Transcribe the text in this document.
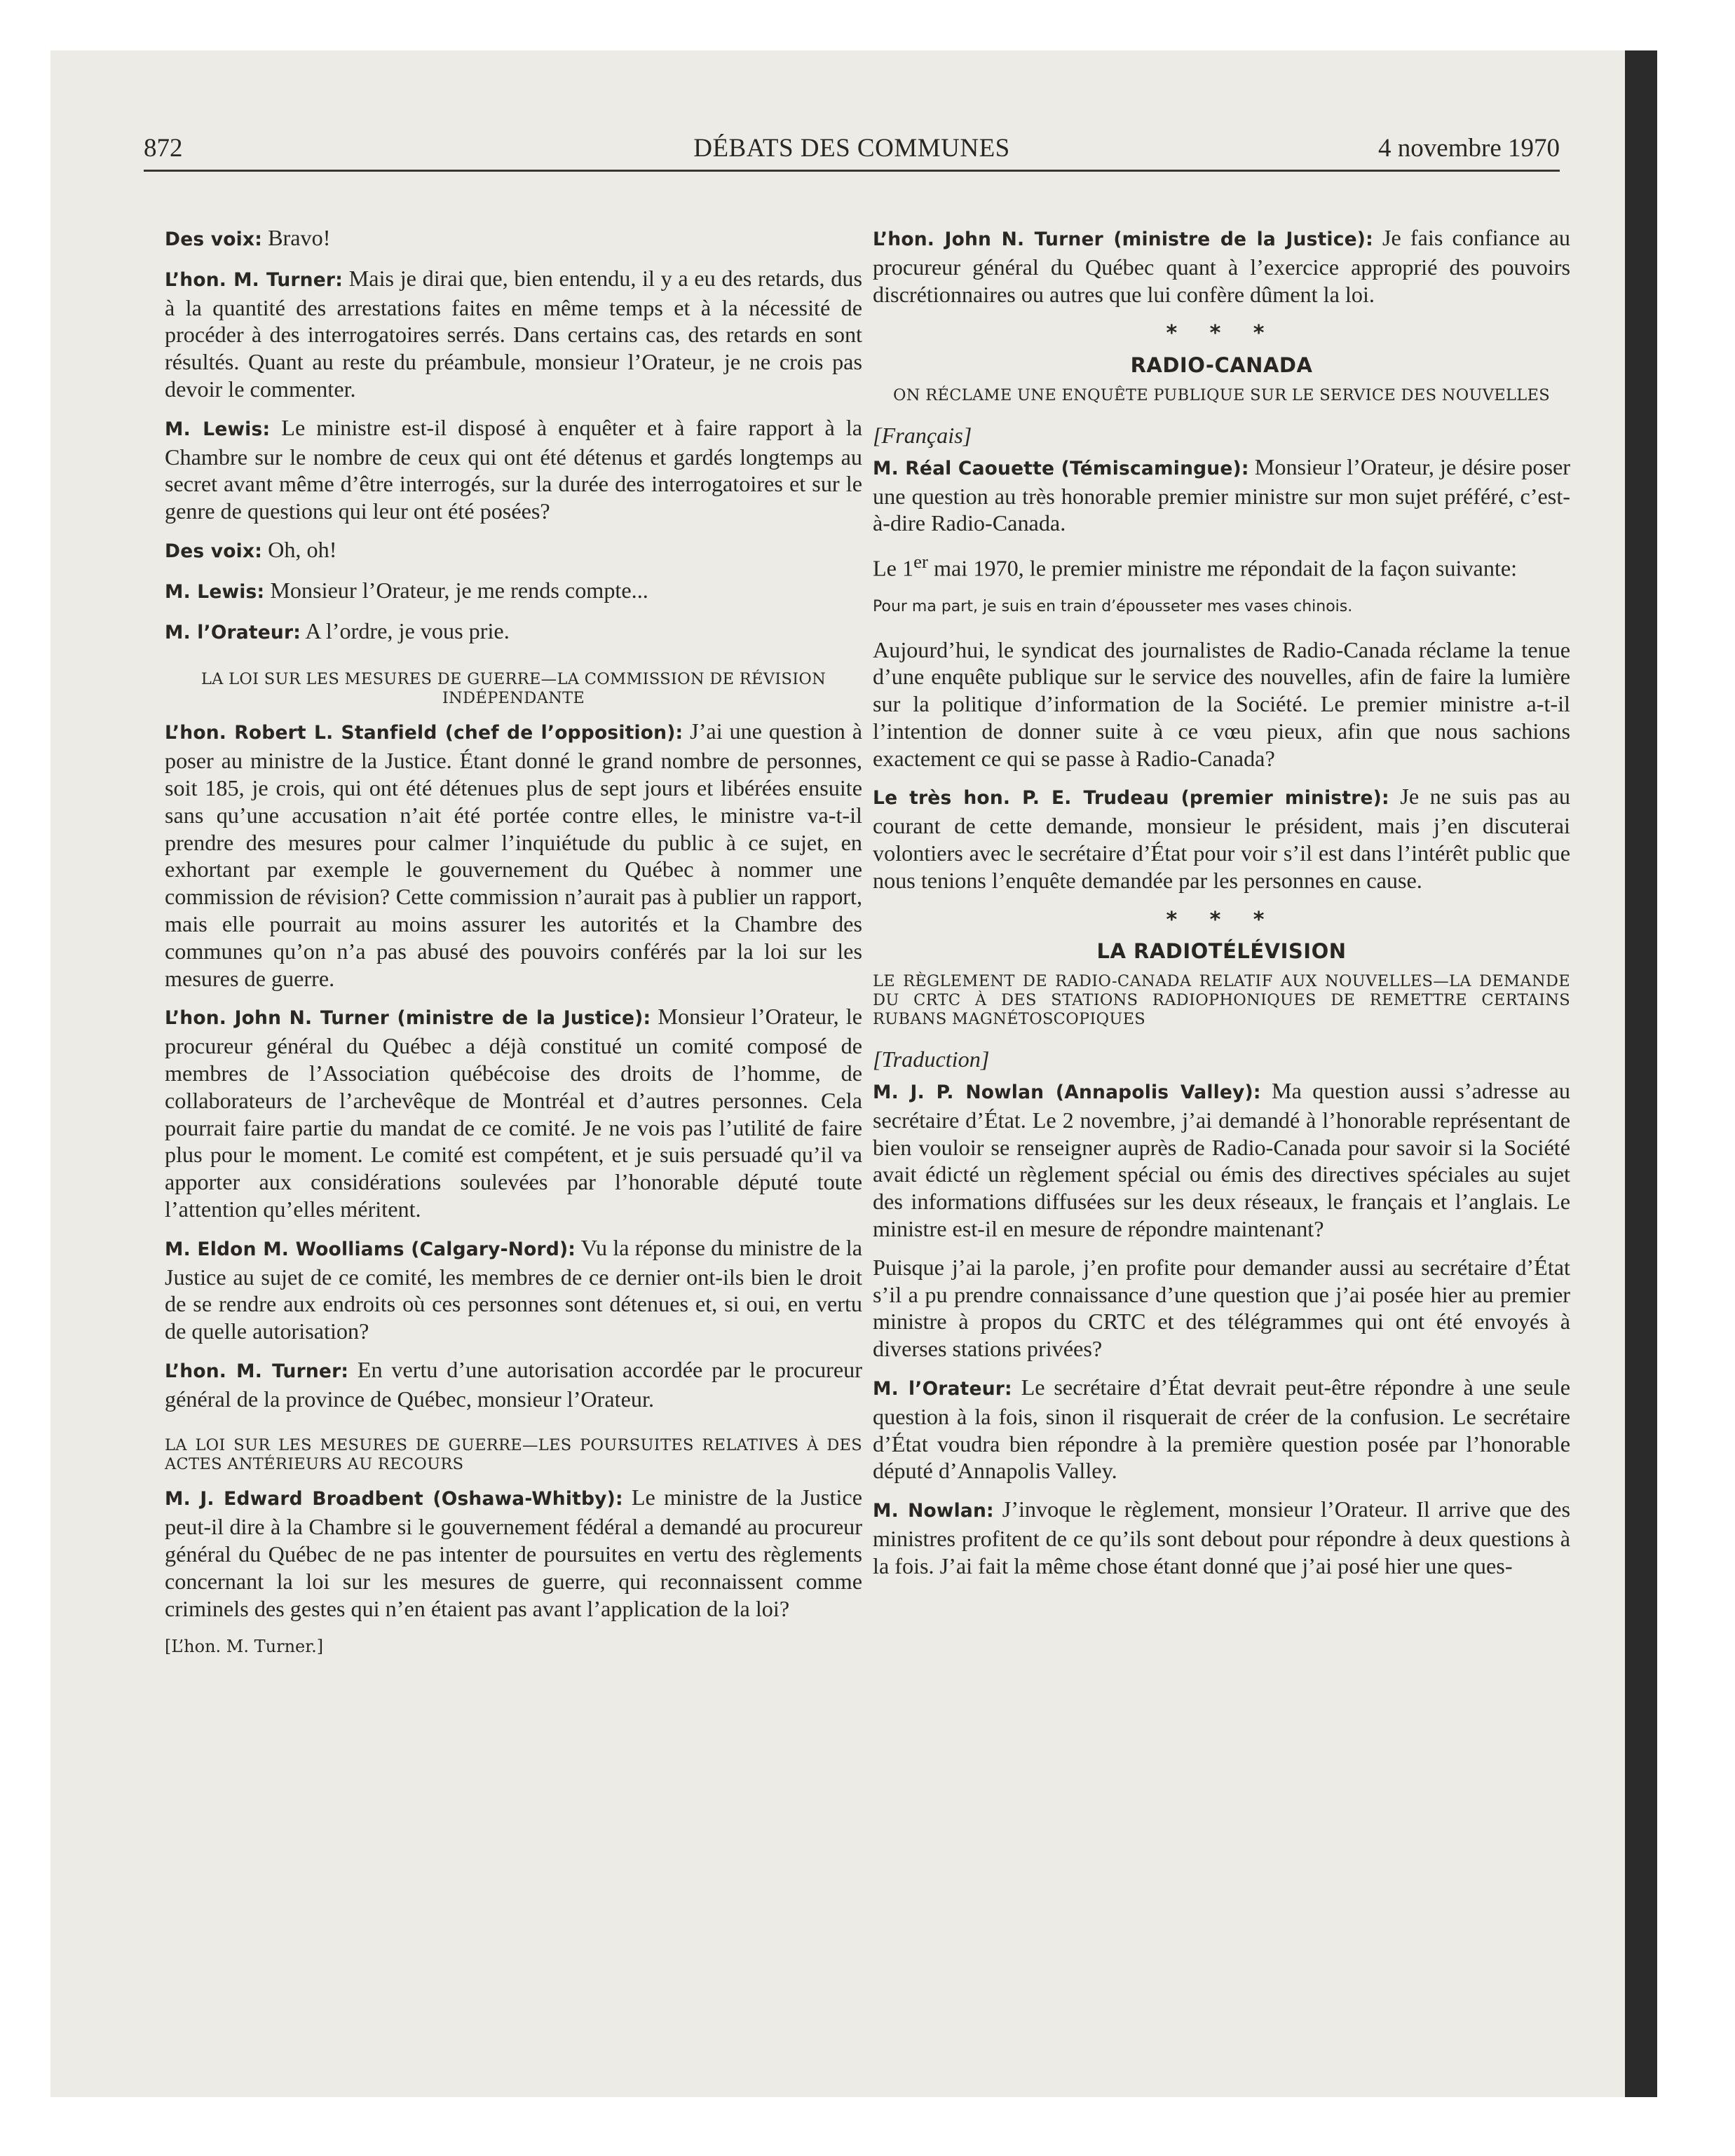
872	DÉBATS DES COMMUNES	4 novembre 1970

Des voix: Bravo!

L’hon. M. Turner: Mais je dirai que, bien entendu, il y a eu des retards, dus à la quantité des arrestations faites en même temps et à la nécessité de procéder à des interrogatoires serrés. Dans certains cas, des retards en sont résultés. Quant au reste du préambule, monsieur l’Orateur, je ne crois pas devoir le commenter.

M. Lewis: Le ministre est-il disposé à enquêter et à faire rapport à la Chambre sur le nombre de ceux qui ont été détenus et gardés longtemps au secret avant même d’être interrogés, sur la durée des interrogatoires et sur le genre de questions qui leur ont été posées?

Des voix: Oh, oh!

M. Lewis: Monsieur l’Orateur, je me rends compte...

M. l’Orateur: A l’ordre, je vous prie.

LA LOI SUR LES MESURES DE GUERRE—LA COMMISSION DE RÉVISION INDÉPENDANTE

L’hon. Robert L. Stanfield (chef de l’opposition): J’ai une question à poser au ministre de la Justice. Étant donné le grand nombre de personnes, soit 185, je crois, qui ont été détenues plus de sept jours et libérées ensuite sans qu’une accusation n’ait été portée contre elles, le ministre va-t-il prendre des mesures pour calmer l’inquiétude du public à ce sujet, en exhortant par exemple le gouvernement du Québec à nommer une commission de révision? Cette commission n’aurait pas à publier un rapport, mais elle pourrait au moins assurer les autorités et la Chambre des communes qu’on n’a pas abusé des pouvoirs conférés par la loi sur les mesures de guerre.

L’hon. John N. Turner (ministre de la Justice): Monsieur l’Orateur, le procureur général du Québec a déjà constitué un comité composé de membres de l’Association québécoise des droits de l’homme, de collaborateurs de l’archevêque de Montréal et d’autres personnes. Cela pourrait faire partie du mandat de ce comité. Je ne vois pas l’utilité de faire plus pour le moment. Le comité est compétent, et je suis persuadé qu’il va apporter aux considérations soulevées par l’honorable député toute l’attention qu’elles méritent.

M. Eldon M. Woolliams (Calgary-Nord): Vu la réponse du ministre de la Justice au sujet de ce comité, les membres de ce dernier ont-ils bien le droit de se rendre aux endroits où ces personnes sont détenues et, si oui, en vertu de quelle autorisation?

L’hon. M. Turner: En vertu d’une autorisation accordée par le procureur général de la province de Québec, monsieur l’Orateur.

LA LOI SUR LES MESURES DE GUERRE—LES POURSUITES RELATIVES À DES ACTES ANTÉRIEURS AU RECOURS

M. J. Edward Broadbent (Oshawa-Whitby): Le ministre de la Justice peut-il dire à la Chambre si le gouvernement fédéral a demandé au procureur général du Québec de ne pas intenter de poursuites en vertu des règlements concernant la loi sur les mesures de guerre, qui reconnaissent comme criminels des gestes qui n’en étaient pas avant l’application de la loi?

[L’hon. M. Turner.]

L’hon. John N. Turner (ministre de la Justice): Je fais confiance au procureur général du Québec quant à l’exercice approprié des pouvoirs discrétionnaires ou autres que lui confère dûment la loi.

* * *
RADIO-CANADA
ON RÉCLAME UNE ENQUÊTE PUBLIQUE SUR LE SERVICE DES NOUVELLES

[Français]

M. Réal Caouette (Témiscamingue): Monsieur l’Orateur, je désire poser une question au très honorable premier ministre sur mon sujet préféré, c’est-à-dire Radio-Canada.

Le 1er mai 1970, le premier ministre me répondait de la façon suivante:

Pour ma part, je suis en train d’épousseter mes vases chinois.

Aujourd’hui, le syndicat des journalistes de Radio-Canada réclame la tenue d’une enquête publique sur le service des nouvelles, afin de faire la lumière sur la politique d’information de la Société. Le premier ministre a-t-il l’intention de donner suite à ce vœu pieux, afin que nous sachions exactement ce qui se passe à Radio-Canada?

Le très hon. P. E. Trudeau (premier ministre): Je ne suis pas au courant de cette demande, monsieur le président, mais j’en discuterai volontiers avec le secrétaire d’État pour voir s’il est dans l’intérêt public que nous tenions l’enquête demandée par les personnes en cause.

* * *
LA RADIOTÉLÉVISION
LE RÈGLEMENT DE RADIO-CANADA RELATIF AUX NOUVELLES—LA DEMANDE DU CRTC À DES STATIONS RADIOPHONIQUES DE REMETTRE CERTAINS RUBANS MAGNÉTOSCOPIQUES

[Traduction]

M. J. P. Nowlan (Annapolis Valley): Ma question aussi s’adresse au secrétaire d’État. Le 2 novembre, j’ai demandé à l’honorable représentant de bien vouloir se renseigner auprès de Radio-Canada pour savoir si la Société avait édicté un règlement spécial ou émis des directives spéciales au sujet des informations diffusées sur les deux réseaux, le français et l’anglais. Le ministre est-il en mesure de répondre maintenant?

Puisque j’ai la parole, j’en profite pour demander aussi au secrétaire d’État s’il a pu prendre connaissance d’une question que j’ai posée hier au premier ministre à propos du CRTC et des télégrammes qui ont été envoyés à diverses stations privées?

M. l’Orateur: Le secrétaire d’État devrait peut-être répondre à une seule question à la fois, sinon il risquerait de créer de la confusion. Le secrétaire d’État voudra bien répondre à la première question posée par l’honorable député d’Annapolis Valley.

M. Nowlan: J’invoque le règlement, monsieur l’Orateur. Il arrive que des ministres profitent de ce qu’ils sont debout pour répondre à deux questions à la fois. J’ai fait la même chose étant donné que j’ai posé hier une ques-
